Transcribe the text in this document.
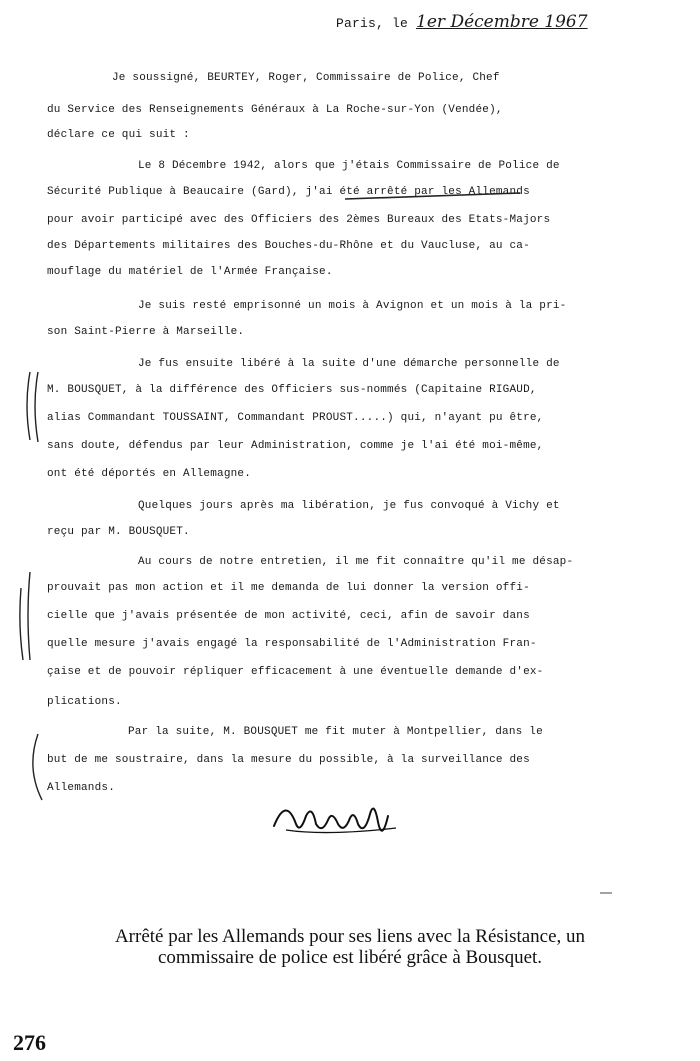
Paris, le 1er Décembre 1967
Je soussigné, BEURTEY, Roger, Commissaire de Police, Chef
du Service des Renseignements Généraux à La Roche-sur-Yon (Vendée),
déclare ce qui suit :
Le 8 Décembre 1942, alors que j'étais Commissaire de Police de
Sécurité Publique à Beaucaire (Gard), j'ai été arrêté par les Allemands
pour avoir participé avec des Officiers des 2èmes Bureaux des Etats-Majors
des Départements militaires des Bouches-du-Rhône et du Vaucluse, au ca-
mouflage du matériel de l'Armée Française.
Je suis resté emprisonné un mois à Avignon et un mois à la pri-
son Saint-Pierre à Marseille.
Je fus ensuite libéré à la suite d'une démarche personnelle de
M. BOUSQUET, à la différence des Officiers sus-nommés (Capitaine RIGAUD,
alias Commandant TOUSSAINT, Commandant PROUST.....) qui, n'ayant pu être,
sans doute, défendus par leur Administration, comme je l'ai été moi-même,
ont été déportés en Allemagne.
Quelques jours après ma libération, je fus convoqué à Vichy et
reçu par M. BOUSQUET.
Au cours de notre entretien, il me fit connaître qu'il me désap-
prouvait pas mon action et il me demanda de lui donner la version offi-
cielle que j'avais présentée de mon activité, ceci, afin de savoir dans
quelle mesure j'avais engagé la responsabilité de l'Administration Fran-
çaise et de pouvoir répliquer efficacement à une éventuelle demande d'ex-
plications.
Par la suite, M. BOUSQUET me fit muter à Montpellier, dans le
but de me soustraire, dans la mesure du possible, à la surveillance des
Allemands.
Arrêté par les Allemands pour ses liens avec la Résistance, un
commissaire de police est libéré grâce à Bousquet.
276
